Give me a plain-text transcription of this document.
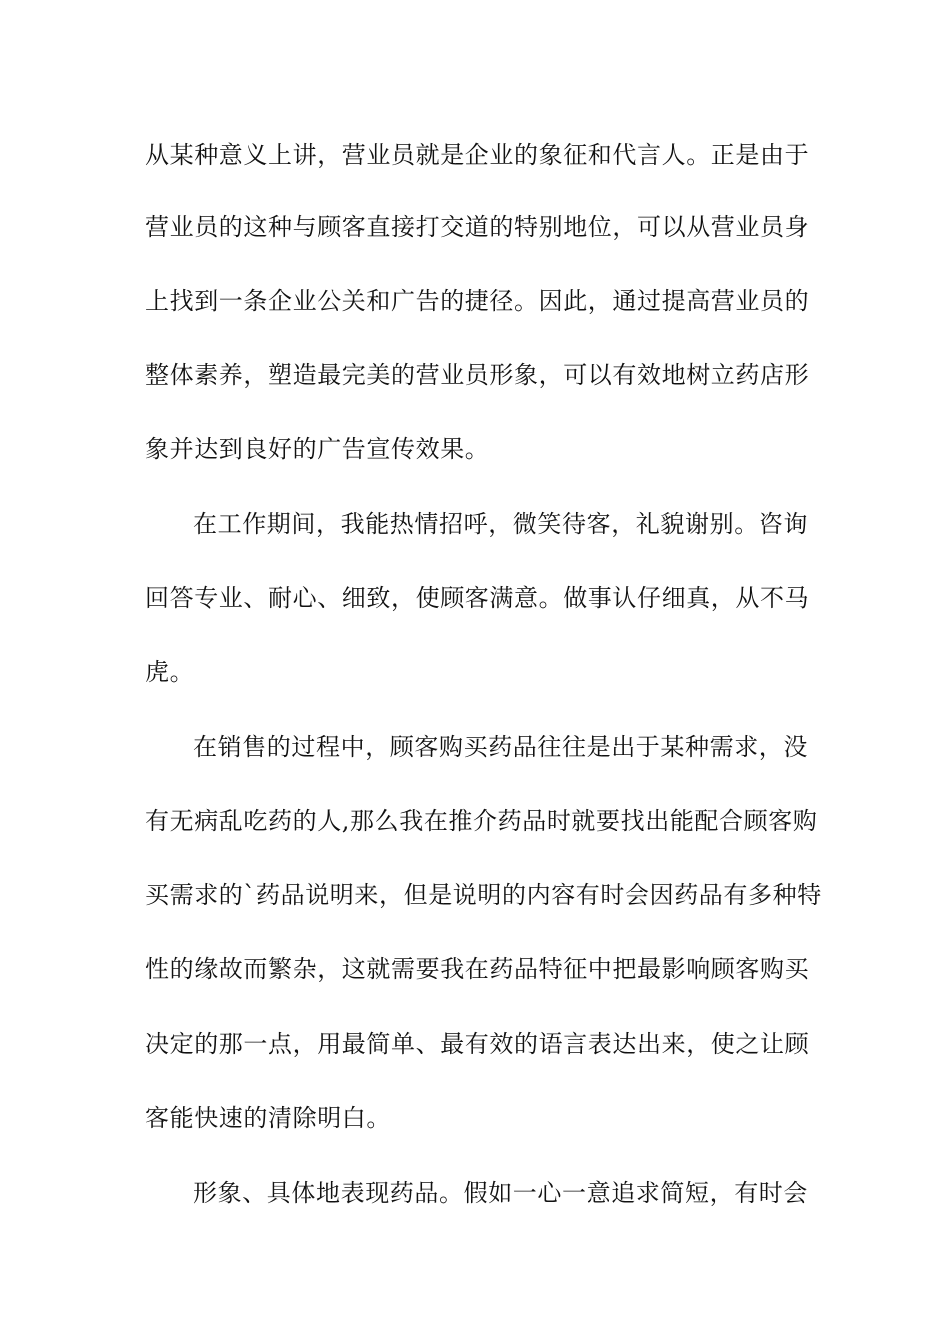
从某种意义上讲，营业员就是企业的象征和代言人。正是由于
营业员的这种与顾客直接打交道的特别地位，可以从营业员身
上找到一条企业公关和广告的捷径。因此，通过提高营业员的
整体素养，塑造最完美的营业员形象，可以有效地树立药店形
象并达到良好的广告宣传效果。
在工作期间，我能热情招呼，微笑待客，礼貌谢别。咨询
回答专业、耐心、细致，使顾客满意。做事认仔细真，从不马
虎。
在销售的过程中，顾客购买药品往往是出于某种需求，没
有无病乱吃药的人,那么我在推介药品时就要找出能配合顾客购
买需求的`药品说明来，但是说明的内容有时会因药品有多种特
性的缘故而繁杂，这就需要我在药品特征中把最影响顾客购买
决定的那一点，用最简单、最有效的语言表达出来，使之让顾
客能快速的清除明白。
形象、具体地表现药品。假如一心一意追求简短，有时会
